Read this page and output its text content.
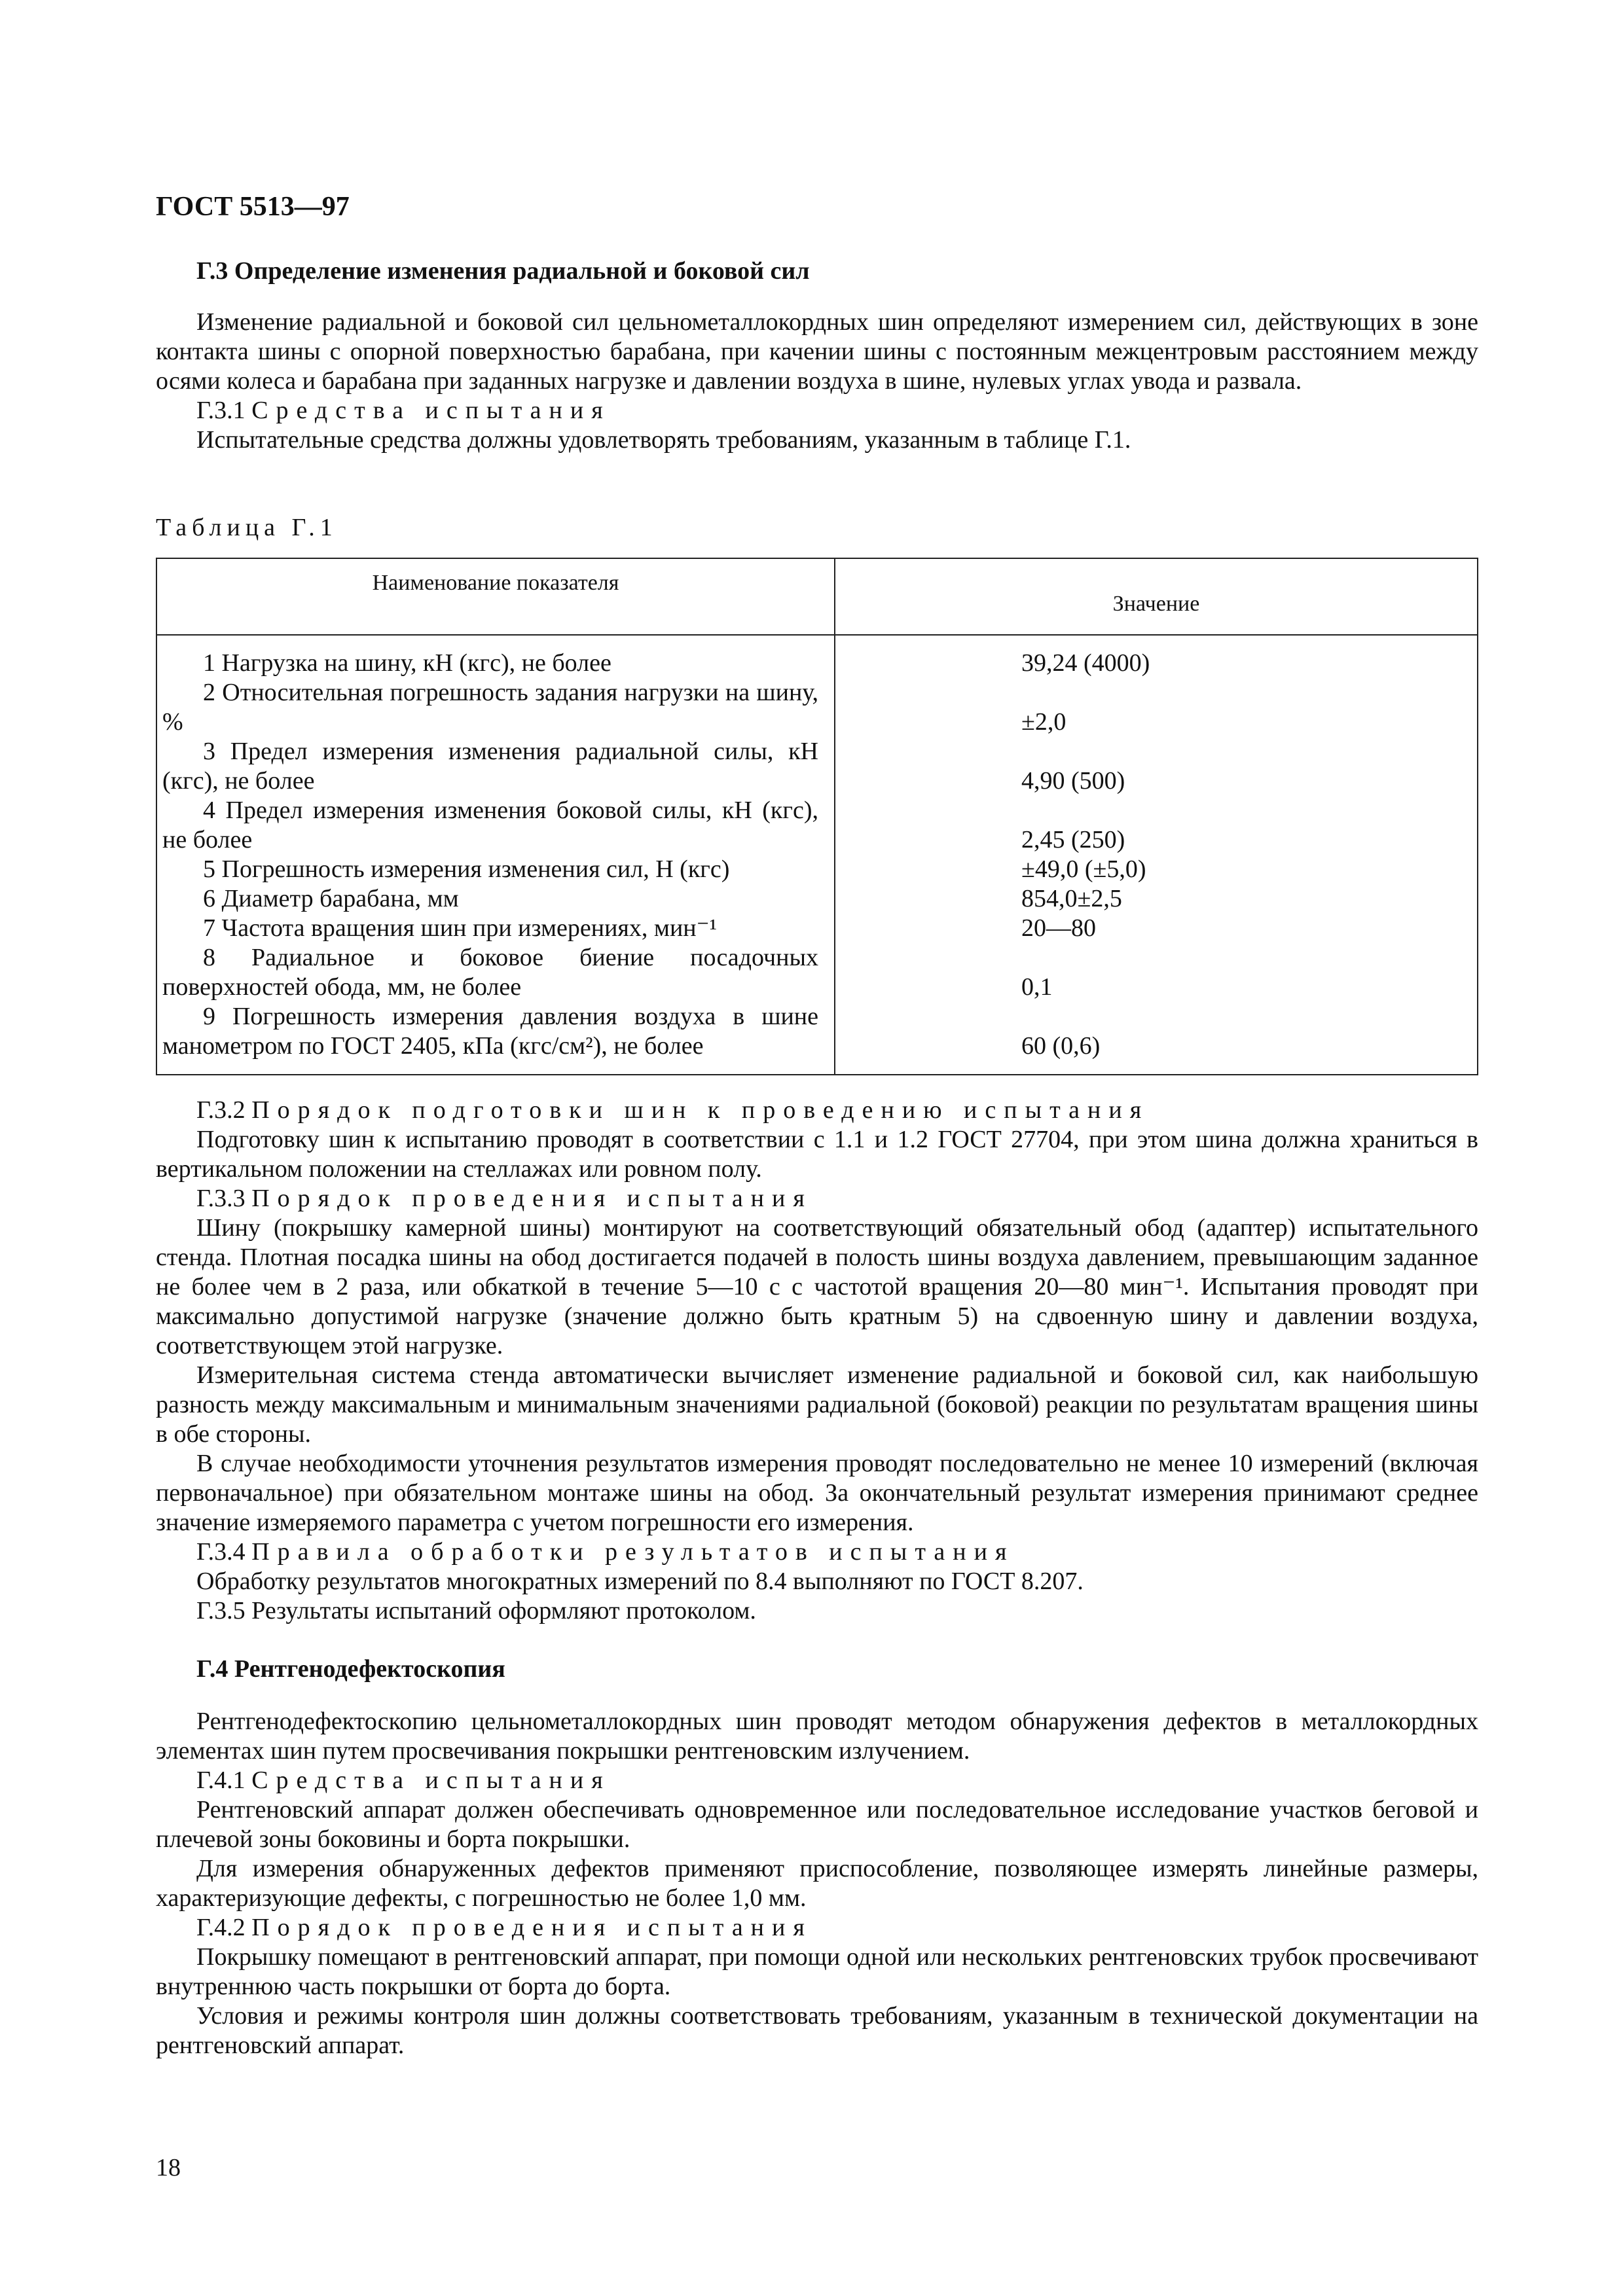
ГОСТ 5513—97
Г.3 Определение изменения радиальной и боковой сил

Изменение радиальной и боковой сил цельнометаллокордных шин определяют измерением сил, действующих в зоне контакта шины с опорной поверхностью барабана, при качении шины с постоянным межцентровым расстоянием между осями колеса и барабана при заданных нагрузке и давлении воздуха в шине, нулевых углах увода и развала.

Г.3.1 Средства испытания

Испытательные средства должны удовлетворять требованиям, указанным в таблице Г.1.

Таблица Г.1
Наименование показателя	Значение

1 Нагрузка на шину, кН (кгс), не более	39,24 (4000)

2 Относительная погрешность задания нагрузки на шину, %	±2,0

3 Предел измерения изменения радиальной силы, кН (кгс), не более	4,90 (500)

4 Предел измерения изменения боковой силы, кН (кгс), не более	2,45 (250)

5 Погрешность измерения изменения сил, Н (кгс)	±49,0 (±5,0)

6 Диаметр барабана, мм	854,0±2,5

7 Частота вращения шин при измерениях, мин⁻¹	20—80

8 Радиальное и боковое биение посадочных поверхностей обода, мм, не более	0,1

9 Погрешность измерения давления воздуха в шине манометром по ГОСТ 2405, кПа (кгс/см²), не более	60 (0,6)

Г.3.2 Порядок подготовки шин к проведению испытания

Подготовку шин к испытанию проводят в соответствии с 1.1 и 1.2 ГОСТ 27704, при этом шина должна храниться в вертикальном положении на стеллажах или ровном полу.

Г.3.3 Порядок проведения испытания

Шину (покрышку камерной шины) монтируют на соответствующий обязательный обод (адаптер) испытательного стенда. Плотная посадка шины на обод достигается подачей в полость шины воздуха давлением, превышающим заданное не более чем в 2 раза, или обкаткой в течение 5—10 с с частотой вращения 20—80 мин⁻¹. Испытания проводят при максимально допустимой нагрузке (значение должно быть кратным 5) на сдвоенную шину и давлении воздуха, соответствующем этой нагрузке.

Измерительная система стенда автоматически вычисляет изменение радиальной и боковой сил, как наибольшую разность между максимальным и минимальным значениями радиальной (боковой) реакции по результатам вращения шины в обе стороны.

В случае необходимости уточнения результатов измерения проводят последовательно не менее 10 измерений (включая первоначальное) при обязательном монтаже шины на обод. За окончательный результат измерения принимают среднее значение измеряемого параметра с учетом погрешности его измерения.

Г.3.4 Правила обработки результатов испытания

Обработку результатов многократных измерений по 8.4 выполняют по ГОСТ 8.207.

Г.3.5 Результаты испытаний оформляют протоколом.

Г.4 Рентгенодефектоскопия

Рентгенодефектоскопию цельнометаллокордных шин проводят методом обнаружения дефектов в металлокордных элементах шин путем просвечивания покрышки рентгеновским излучением.

Г.4.1 Средства испытания

Рентгеновский аппарат должен обеспечивать одновременное или последовательное исследование участков беговой и плечевой зоны боковины и борта покрышки.

Для измерения обнаруженных дефектов применяют приспособление, позволяющее измерять линейные размеры, характеризующие дефекты, с погрешностью не более 1,0 мм.

Г.4.2 Порядок проведения испытания

Покрышку помещают в рентгеновский аппарат, при помощи одной или нескольких рентгеновских трубок просвечивают внутреннюю часть покрышки от борта до борта.

Условия и режимы контроля шин должны соответствовать требованиям, указанным в технической документации на рентгеновский аппарат.

18
